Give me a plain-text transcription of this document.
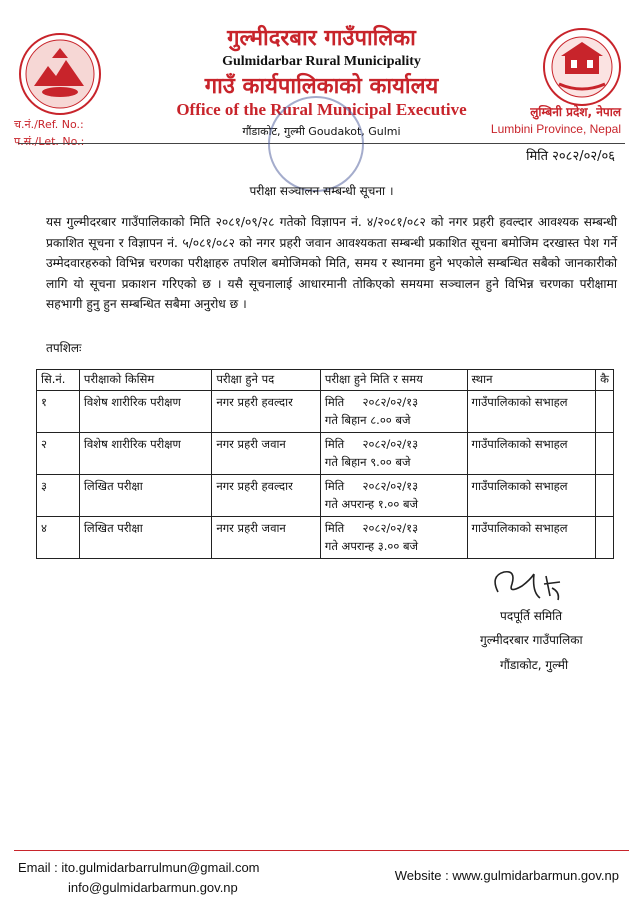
गुल्मीदरबार गाउँपालिका
Gulmidarbar Rural Municipality
गाउँ कार्यपालिकाको कार्यालय
Office of the Rural Municipal Executive
गौंडाकोट, गुल्मी Goudakot, Gulmi
लुम्बिनी प्रदेश, नेपाल
Lumbini Province, Nepal
च.नं./Ref. No.:
प.सं./Let. No.:
मिति २०८२/०२/०६
परीक्षा सञ्चालन सम्बन्धी सूचना ।
यस गुल्मीदरबार गाउँपालिकाको मिति २०८१/०९/२८ गतेको विज्ञापन नं. ४/२०८१/०८२ को नगर प्रहरी हवल्दार आवश्यक सम्बन्धी प्रकाशित सूचना र विज्ञापन नं. ५/०८१/०८२ को नगर प्रहरी जवान आवश्यकता सम्बन्धी प्रकाशित सूचना बमोजिम दरखास्त पेश गर्ने उम्मेदवारहरुको विभिन्न चरणका परीक्षाहरु तपशिल बमोजिमको मिति, समय र स्थानमा हुने भएकोले सम्बन्धित सबैको जानकारीको लागि यो सूचना प्रकाशन गरिएको छ । यसै सूचनालाई आधारमानी तोकिएको समयमा सञ्चालन हुने विभिन्न चरणका परीक्षामा सहभागी हुनु हुन सम्बन्धित सबैमा अनुरोध छ ।
तपशिलः
सि.नं.	परीक्षाको किसिम	परीक्षा हुने पद	परीक्षा हुने मिति र समय	स्थान	कै
१	विशेष शारीरिक परीक्षण	नगर प्रहरी हवल्दार	मिति     २०८२/०२/१३
गते बिहान ८.०० बजे	गाउँपालिकाको सभाहल	
२	विशेष शारीरिक परीक्षण	नगर प्रहरी जवान	मिति     २०८२/०२/१३
गते बिहान ९.०० बजे	गाउँपालिकाको सभाहल	
३	लिखित परीक्षा	नगर प्रहरी हवल्दार	मिति     २०८२/०२/१३
गते अपरान्ह १.०० बजे	गाउँपालिकाको सभाहल	
४	लिखित परीक्षा	नगर प्रहरी जवान	मिति     २०८२/०२/१३
गते अपरान्ह ३.०० बजे	गाउँपालिकाको सभाहल	
पदपूर्ति समिति
गुल्मीदरबार गाउँपालिका
गौंडाकोट, गुल्मी
Email : ito.gulmidarbarrulmun@gmail.com
info@gulmidarbarmun.gov.np
Website : www.gulmidarbarmun.gov.np
